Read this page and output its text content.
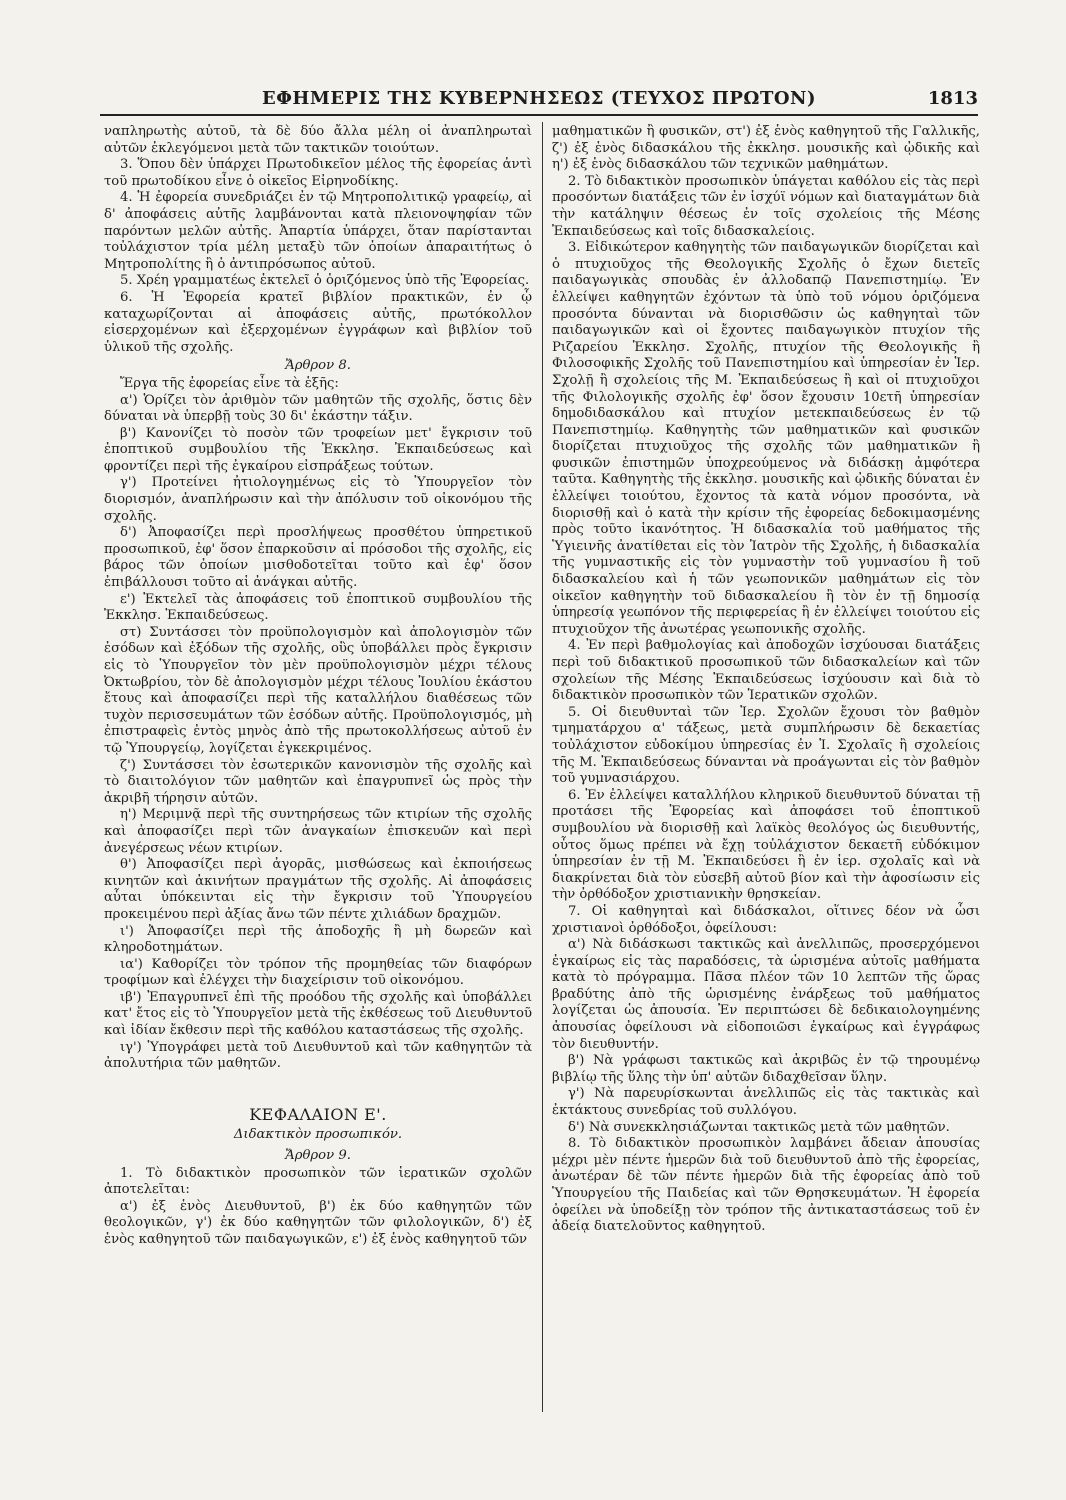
ΕΦΗΜΕΡΙΣ ΤΗΣ ΚΥΒΕΡΝΗΣΕΩΣ (ΤΕΥΧΟΣ ΠΡΩΤΟΝ)	1813

ναπληρωτὴς αὐτοῦ, τὰ δὲ δύο ἄλλα μέλη οἱ ἀναπληρωταὶ αὐτῶν ἐκλεγόμενοι μετὰ τῶν τακτικῶν τοιούτων.

3. Ὅπου δὲν ὑπάρχει Πρωτοδικεῖον μέλος τῆς ἐφορείας ἀντὶ τοῦ πρωτοδίκου εἶνε ὁ οἰκεῖος Εἰρηνοδίκης.

4. Ἡ ἐφορεία συνεδριάζει ἐν τῷ Μητροπολιτικῷ γραφείῳ, αἱ δ' ἀποφάσεις αὐτῆς λαμβάνονται κατὰ πλειονοψηφίαν τῶν παρόντων μελῶν αὐτῆς. Ἀπαρτία ὑπάρχει, ὅταν παρίστανται τοὐλάχιστον τρία μέλη μεταξὺ τῶν ὁποίων ἀπαραιτήτως ὁ Μητροπολίτης ἢ ὁ ἀντιπρόσωπος αὐτοῦ.

5. Χρέη γραμματέως ἐκτελεῖ ὁ ὁριζόμενος ὑπὸ τῆς Ἐφορείας.

6. Ἡ Ἐφορεία κρατεῖ βιβλίον πρακτικῶν, ἐν ᾧ καταχωρίζονται αἱ ἀποφάσεις αὐτῆς, πρωτόκολλον εἰσερχομένων καὶ ἐξερχομένων ἐγγράφων καὶ βιβλίον τοῦ ὑλικοῦ τῆς σχολῆς.

Ἄρθρον 8.

Ἔργα τῆς ἐφορείας εἶνε τὰ ἑξῆς:

α') Ὁρίζει τὸν ἀριθμὸν τῶν μαθητῶν τῆς σχολῆς, ὅστις δὲν δύναται νὰ ὑπερβῇ τοὺς 30 δι' ἑκάστην τάξιν.

β') Κανονίζει τὸ ποσὸν τῶν τροφείων μετ' ἔγκρισιν τοῦ ἐποπτικοῦ συμβουλίου τῆς Ἐκκλησ. Ἐκπαιδεύσεως καὶ φροντίζει περὶ τῆς ἐγκαίρου εἰσπράξεως τούτων.

γ') Προτείνει ἠτιολογημένως εἰς τὸ Ὑπουργεῖον τὸν διορισμόν, ἀναπλήρωσιν καὶ τὴν ἀπόλυσιν τοῦ οἰκονόμου τῆς σχολῆς.

δ') Ἀποφασίζει περὶ προσλήψεως προσθέτου ὑπηρετικοῦ προσωπικοῦ, ἐφ' ὅσον ἐπαρκοῦσιν αἱ πρόσοδοι τῆς σχολῆς, εἰς βάρος τῶν ὁποίων μισθοδοτεῖται τοῦτο καὶ ἐφ' ὅσον ἐπιβάλλουσι τοῦτο αἱ ἀνάγκαι αὐτῆς.

ε') Ἐκτελεῖ τὰς ἀποφάσεις τοῦ ἐποπτικοῦ συμβουλίου τῆς Ἐκκλησ. Ἐκπαιδεύσεως.

στ) Συντάσσει τὸν προϋπολογισμὸν καὶ ἀπολογισμὸν τῶν ἐσόδων καὶ ἐξόδων τῆς σχολῆς, οὓς ὑποβάλλει πρὸς ἔγκρισιν εἰς τὸ Ὑπουργεῖον τὸν μὲν προϋπολογισμὸν μέχρι τέλους Ὀκτωβρίου, τὸν δὲ ἀπολογισμὸν μέχρι τέλους Ἰουλίου ἑκάστου ἔτους καὶ ἀποφασίζει περὶ τῆς καταλλήλου διαθέσεως τῶν τυχὸν περισσευμάτων τῶν ἐσόδων αὐτῆς. Προϋπολογισμός, μὴ ἐπιστραφεὶς ἐντὸς μηνὸς ἀπὸ τῆς πρωτοκολλήσεως αὐτοῦ ἐν τῷ Ὑπουργείῳ, λογίζεται ἐγκεκριμένος.

ζ') Συντάσσει τὸν ἐσωτερικῶν κανονισμὸν τῆς σχολῆς καὶ τὸ διαιτολόγιον τῶν μαθητῶν καὶ ἐπαγρυπνεῖ ὡς πρὸς τὴν ἀκριβῆ τήρησιν αὐτῶν.

η') Μεριμνᾷ περὶ τῆς συντηρήσεως τῶν κτιρίων τῆς σχολῆς καὶ ἀποφασίζει περὶ τῶν ἀναγκαίων ἐπισκευῶν καὶ περὶ ἀνεγέρσεως νέων κτιρίων.

θ') Ἀποφασίζει περὶ ἀγορᾶς, μισθώσεως καὶ ἐκποιήσεως κινητῶν καὶ ἀκινήτων πραγμάτων τῆς σχολῆς. Αἱ ἀποφάσεις αὗται ὑπόκεινται εἰς τὴν ἔγκρισιν τοῦ Ὑπουργείου προκειμένου περὶ ἀξίας ἄνω τῶν πέντε χιλιάδων δραχμῶν.

ι') Ἀποφασίζει περὶ τῆς ἀποδοχῆς ἢ μὴ δωρεῶν καὶ κληροδοτημάτων.

ια') Καθορίζει τὸν τρόπον τῆς προμηθείας τῶν διαφόρων τροφίμων καὶ ἐλέγχει τὴν διαχείρισιν τοῦ οἰκονόμου.

ιβ') Ἐπαγρυπνεῖ ἐπὶ τῆς προόδου τῆς σχολῆς καὶ ὑποβάλλει κατ' ἔτος εἰς τὸ Ὑπουργεῖον μετὰ τῆς ἐκθέσεως τοῦ Διευθυντοῦ καὶ ἰδίαν ἔκθεσιν περὶ τῆς καθόλου καταστάσεως τῆς σχολῆς.

ιγ') Ὑπογράφει μετὰ τοῦ Διευθυντοῦ καὶ τῶν καθηγητῶν τὰ ἀπολυτήρια τῶν μαθητῶν.

ΚΕΦΑΛΑΙΟΝ Ε'.

Διδακτικὸν προσωπικόν.

Ἄρθρον 9.

1. Τὸ διδακτικὸν προσωπικὸν τῶν ἱερατικῶν σχολῶν ἀποτελεῖται:

α') ἐξ ἑνὸς Διευθυντοῦ, β') ἐκ δύο καθηγητῶν τῶν θεολογικῶν, γ') ἐκ δύο καθηγητῶν τῶν φιλολογικῶν, δ') ἐξ ἑνὸς καθηγητοῦ τῶν παιδαγωγικῶν, ε') ἐξ ἑνὸς καθηγητοῦ τῶν

μαθηματικῶν ἢ φυσικῶν, στ') ἐξ ἑνὸς καθηγητοῦ τῆς Γαλλικῆς, ζ') ἐξ ἑνὸς διδασκάλου τῆς ἐκκλησ. μουσικῆς καὶ ᾠδικῆς καὶ η') ἐξ ἑνὸς διδασκάλου τῶν τεχνικῶν μαθημάτων.

2. Τὸ διδακτικὸν προσωπικὸν ὑπάγεται καθόλου εἰς τὰς περὶ προσόντων διατάξεις τῶν ἐν ἰσχύϊ νόμων καὶ διαταγμάτων διὰ τὴν κατάληψιν θέσεως ἐν τοῖς σχολείοις τῆς Μέσης Ἐκπαιδεύσεως καὶ τοῖς διδασκαλείοις.

3. Εἰδικώτερον καθηγητὴς τῶν παιδαγωγικῶν διορίζεται καὶ ὁ πτυχιοῦχος τῆς Θεολογικῆς Σχολῆς ὁ ἔχων διετεῖς παιδαγωγικὰς σπουδὰς ἐν ἀλλοδαπῷ Πανεπιστημίῳ. Ἐν ἐλλείψει καθηγητῶν ἐχόντων τὰ ὑπὸ τοῦ νόμου ὁριζόμενα προσόντα δύνανται νὰ διορισθῶσιν ὡς καθηγηταὶ τῶν παιδαγωγικῶν καὶ οἱ ἔχοντες παιδαγωγικὸν πτυχίον τῆς Ριζαρείου Ἐκκλησ. Σχολῆς, πτυχίον τῆς Θεολογικῆς ἢ Φιλοσοφικῆς Σχολῆς τοῦ Πανεπιστημίου καὶ ὑπηρεσίαν ἐν Ἱερ. Σχολῇ ἢ σχολείοις τῆς Μ. Ἐκπαιδεύσεως ἢ καὶ οἱ πτυχιοῦχοι τῆς Φιλολογικῆς σχολῆς ἐφ' ὅσον ἔχουσιν 10ετῆ ὑπηρεσίαν δημοδιδασκάλου καὶ πτυχίον μετεκπαιδεύσεως ἐν τῷ Πανεπιστημίῳ. Καθηγητὴς τῶν μαθηματικῶν καὶ φυσικῶν διορίζεται πτυχιοῦχος τῆς σχολῆς τῶν μαθηματικῶν ἢ φυσικῶν ἐπιστημῶν ὑποχρεούμενος νὰ διδάσκῃ ἀμφότερα ταῦτα. Καθηγητὴς τῆς ἐκκλησ. μουσικῆς καὶ ᾠδικῆς δύναται ἐν ἐλλείψει τοιούτου, ἔχοντος τὰ κατὰ νόμον προσόντα, νὰ διορισθῇ καὶ ὁ κατὰ τὴν κρίσιν τῆς ἐφορείας δεδοκιμασμένης πρὸς τοῦτο ἱκανότητος. Ἡ διδασκαλία τοῦ μαθήματος τῆς Ὑγιεινῆς ἀνατίθεται εἰς τὸν Ἰατρὸν τῆς Σχολῆς, ἡ διδασκαλία τῆς γυμναστικῆς εἰς τὸν γυμναστὴν τοῦ γυμνασίου ἢ τοῦ διδασκαλείου καὶ ἡ τῶν γεωπονικῶν μαθημάτων εἰς τὸν οἰκεῖον καθηγητὴν τοῦ διδασκαλείου ἢ τὸν ἐν τῇ δημοσίᾳ ὑπηρεσίᾳ γεωπόνον τῆς περιφερείας ἢ ἐν ἐλλείψει τοιούτου εἰς πτυχιοῦχον τῆς ἀνωτέρας γεωπονικῆς σχολῆς.

4. Ἐν περὶ βαθμολογίας καὶ ἀποδοχῶν ἰσχύουσαι διατάξεις περὶ τοῦ διδακτικοῦ προσωπικοῦ τῶν διδασκαλείων καὶ τῶν σχολείων τῆς Μέσης Ἐκπαιδεύσεως ἰσχύουσιν καὶ διὰ τὸ διδακτικὸν προσωπικὸν τῶν Ἱερατικῶν σχολῶν.

5. Οἱ διευθυνταὶ τῶν Ἱερ. Σχολῶν ἔχουσι τὸν βαθμὸν τμηματάρχου α' τάξεως, μετὰ συμπλήρωσιν δὲ δεκαετίας τοὐλάχιστον εὐδοκίμου ὑπηρεσίας ἐν Ἱ. Σχολαῖς ἢ σχολείοις τῆς Μ. Ἐκπαιδεύσεως δύνανται νὰ προάγωνται εἰς τὸν βαθμὸν τοῦ γυμνασιάρχου.

6. Ἐν ἐλλείψει καταλλήλου κληρικοῦ διευθυντοῦ δύναται τῇ προτάσει τῆς Ἐφορείας καὶ ἀποφάσει τοῦ ἐποπτικοῦ συμβουλίου νὰ διορισθῇ καὶ λαϊκὸς θεολόγος ὡς διευθυντής, οὗτος ὅμως πρέπει νὰ ἔχῃ τοὐλάχιστον δεκαετῆ εὐδόκιμον ὑπηρεσίαν ἐν τῇ Μ. Ἐκπαιδεύσει ἢ ἐν ἱερ. σχολαῖς καὶ νὰ διακρίνεται διὰ τὸν εὐσεβῆ αὐτοῦ βίον καὶ τὴν ἀφοσίωσιν εἰς τὴν ὀρθόδοξον χριστιανικὴν θρησκείαν.

7. Οἱ καθηγηταὶ καὶ διδάσκαλοι, οἵτινες δέον νὰ ὦσι χριστιανοὶ ὀρθόδοξοι, ὀφείλουσι:

α') Νὰ διδάσκωσι τακτικῶς καὶ ἀνελλιπῶς, προσερχόμενοι ἐγκαίρως εἰς τὰς παραδόσεις, τὰ ὡρισμένα αὐτοῖς μαθήματα κατὰ τὸ πρόγραμμα. Πᾶσα πλέον τῶν 10 λεπτῶν τῆς ὥρας βραδύτης ἀπὸ τῆς ὡρισμένης ἐνάρξεως τοῦ μαθήματος λογίζεται ὡς ἀπουσία. Ἐν περιπτώσει δὲ δεδικαιολογημένης ἀπουσίας ὀφείλουσι νὰ εἰδοποιῶσι ἐγκαίρως καὶ ἐγγράφως τὸν διευθυντήν.

β') Νὰ γράφωσι τακτικῶς καὶ ἀκριβῶς ἐν τῷ τηρουμένῳ βιβλίῳ τῆς ὕλης τὴν ὑπ' αὐτῶν διδαχθεῖσαν ὕλην.

γ') Νὰ παρευρίσκωνται ἀνελλιπῶς εἰς τὰς τακτικὰς καὶ ἐκτάκτους συνεδρίας τοῦ συλλόγου.

δ') Νὰ συνεκκλησιάζωνται τακτικῶς μετὰ τῶν μαθητῶν.

8. Τὸ διδακτικὸν προσωπικὸν λαμβάνει ἄδειαν ἀπουσίας μέχρι μὲν πέντε ἡμερῶν διὰ τοῦ διευθυντοῦ ἀπὸ τῆς ἐφορείας, ἀνωτέραν δὲ τῶν πέντε ἡμερῶν διὰ τῆς ἐφορείας ἀπὸ τοῦ Ὑπουργείου τῆς Παιδείας καὶ τῶν Θρησκευμάτων. Ἡ ἐφορεία ὀφείλει νὰ ὑποδείξῃ τὸν τρόπον τῆς ἀντικαταστάσεως τοῦ ἐν ἀδείᾳ διατελοῦντος καθηγητοῦ.
